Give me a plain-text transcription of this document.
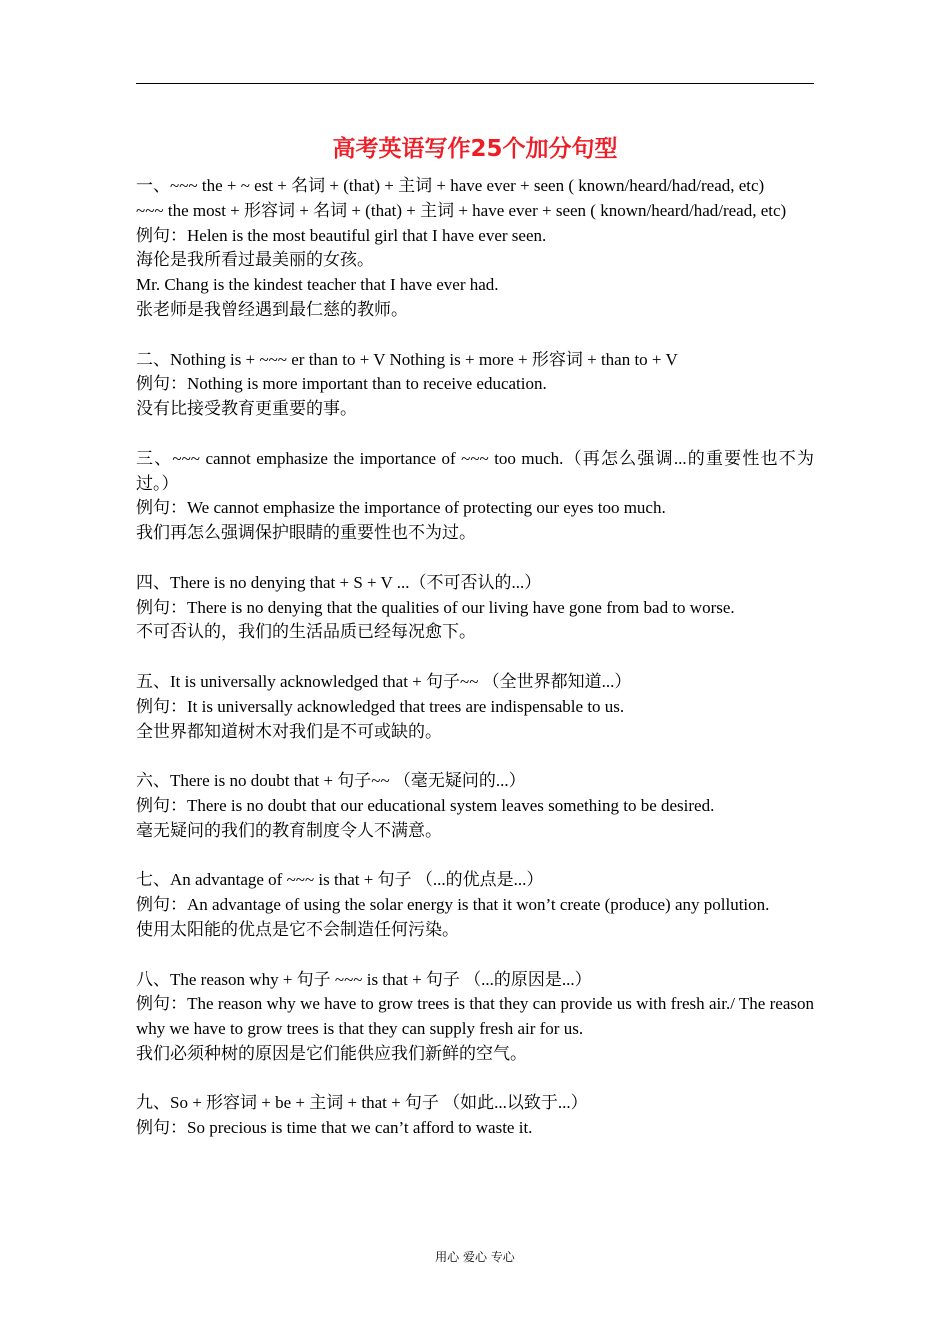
高考英语写作25个加分句型
一、~~~ the + ~ est + 名词 + (that) + 主词 + have ever + seen ( known/heard/had/read, etc)
~~~ the most + 形容词 + 名词 + (that) + 主词 + have ever + seen ( known/heard/had/read, etc)
例句：Helen is the most beautiful girl that I have ever seen.
海伦是我所看过最美丽的女孩。
Mr. Chang is the kindest teacher that I have ever had.
张老师是我曾经遇到最仁慈的教师。
二、Nothing is + ~~~ er than to + V Nothing is + more + 形容词 + than to + V
例句：Nothing is more important than to receive education.
没有比接受教育更重要的事。
三、~~~ cannot emphasize the importance of ~~~ too much.（再怎么强调...的重要性也不为过。）
例句：We cannot emphasize the importance of protecting our eyes too much.
我们再怎么强调保护眼睛的重要性也不为过。
四、There is no denying that + S + V ...（不可否认的...）
例句：There is no denying that the qualities of our living have gone from bad to worse.
不可否认的，我们的生活品质已经每况愈下。
五、It is universally acknowledged that + 句子~~ （全世界都知道...）
例句：It is universally acknowledged that trees are indispensable to us.
全世界都知道树木对我们是不可或缺的。
六、There is no doubt that + 句子~~ （毫无疑问的...）
例句：There is no doubt that our educational system leaves something to be desired.
毫无疑问的我们的教育制度令人不满意。
七、An advantage of ~~~ is that + 句子 （...的优点是...）
例句：An advantage of using the solar energy is that it won’t create (produce) any pollution.
使用太阳能的优点是它不会制造任何污染。
八、The reason why + 句子 ~~~ is that + 句子 （...的原因是...）
例句：The reason why we have to grow trees is that they can provide us with fresh air./ The reason why we have to grow trees is that they can supply fresh air for us.
我们必须种树的原因是它们能供应我们新鲜的空气。
九、So + 形容词 + be + 主词 + that + 句子 （如此...以致于...）
例句：So precious is time that we can’t afford to waste it.
用心 爱心 专心
